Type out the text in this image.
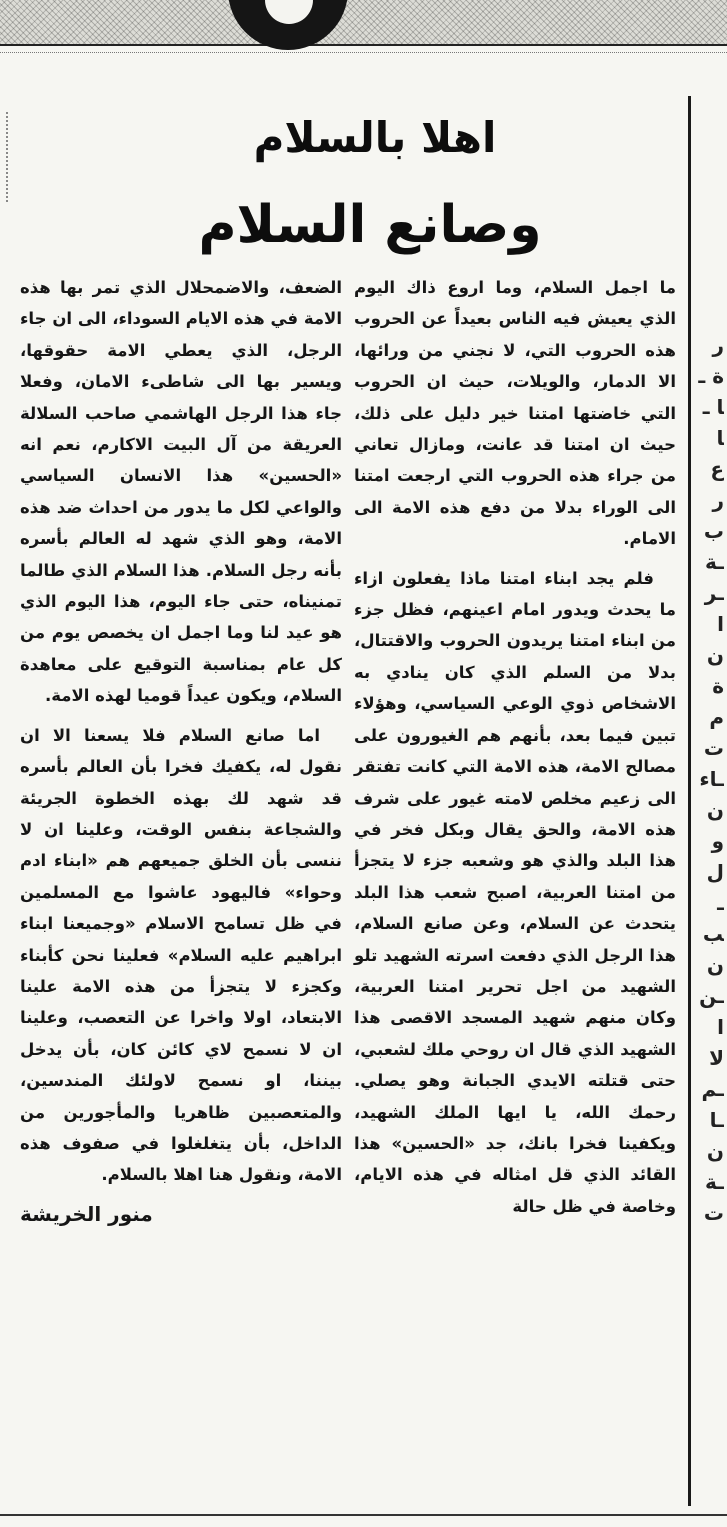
اهلا بالسلام
وصانع السلام

ما اجمل السلام، وما اروع ذاك اليوم الذي يعيش فيه الناس بعيداً عن الحروب هذه الحروب التي، لا نجني من ورائها، الا الدمار، والويلات، حيث ان الحروب التي خاضتها امتنا خير دليل على ذلك، حيث ان امتنا قد عانت، ومازال تعاني من جراء هذه الحروب التي ارجعت امتنا الى الوراء بدلا من دفع هذه الامة الى الامام.

فلم يجد ابناء امتنا ماذا يفعلون ازاء ما يحدث ويدور امام اعينهم، فظل جزء من ابناء امتنا يريدون الحروب والاقتتال، بدلا من السلم الذي كان ينادي به الاشخاص ذوي الوعي السياسي، وهؤلاء تبين فيما بعد، بأنهم هم الغيورون على مصالح الامة، هذه الامة التي كانت تفتقر الى زعيم مخلص لامته غيور على شرف هذه الامة، والحق يقال وبكل فخر في هذا البلد والذي هو وشعبه جزء لا يتجزأ من امتنا العربية، اصبح شعب هذا البلد يتحدث عن السلام، وعن صانع السلام، هذا الرجل الذي دفعت اسرته الشهيد تلو الشهيد من اجل تحرير امتنا العربية، وكان منهم شهيد المسجد الاقصى هذا الشهيد الذي قال ان روحي ملك لشعبي، حتى قتلته الايدي الجبانة وهو يصلي. رحمك الله، يا ايها الملك الشهيد، ويكفينا فخرا بانك، جد «الحسين» هذا القائد الذي قل امثاله في هذه الايام، وخاصة في ظل حالة

الضعف، والاضمحلال الذي تمر بها هذه الامة في هذه الايام السوداء، الى ان جاء الرجل، الذي يعطي الامة حقوقها، ويسير بها الى شاطىء الامان، وفعلا جاء هذا الرجل الهاشمي صاحب السلالة العريقة من آل البيت الاكارم، نعم انه «الحسين» هذا الانسان السياسي والواعي لكل ما يدور من احداث ضد هذه الامة، وهو الذي شهد له العالم بأسره بأنه رجل السلام. هذا السلام الذي طالما تمنيناه، حتى جاء اليوم، هذا اليوم الذي هو عيد لنا وما اجمل ان يخصص يوم من كل عام بمناسبة التوقيع على معاهدة السلام، ويكون عيداً قوميا لهذه الامة.

اما صانع السلام فلا يسعنا الا ان نقول له، يكفيك فخرا بأن العالم بأسره قد شهد لك بهذه الخطوة الجريئة والشجاعة بنفس الوقت، وعلينا ان لا ننسى بأن الخلق جميعهم هم «ابناء ادم وحواء» فاليهود عاشوا مع المسلمين في ظل تسامح الاسلام «وجميعنا ابناء ابراهيم عليه السلام» فعلينا نحن كأبناء وكجزء لا يتجزأ من هذه الامة علينا الابتعاد، اولا واخرا عن التعصب، وعلينا ان لا نسمح لاي كائن كان، بأن يدخل بيننا، او نسمح لاولئك المندسين، والمتعصبين ظاهريا والمأجورين من الداخل، بأن يتغلغلوا في صفوف هذه الامة، ونقول هنا اهلا بالسلام.

منور الخريشة
ر ة ـا ـا ع ر ب ـة ـر ا ن ة م ت ـاء ن و ل ـب ن ـن ا لا ـم ـا ن ـة ت
